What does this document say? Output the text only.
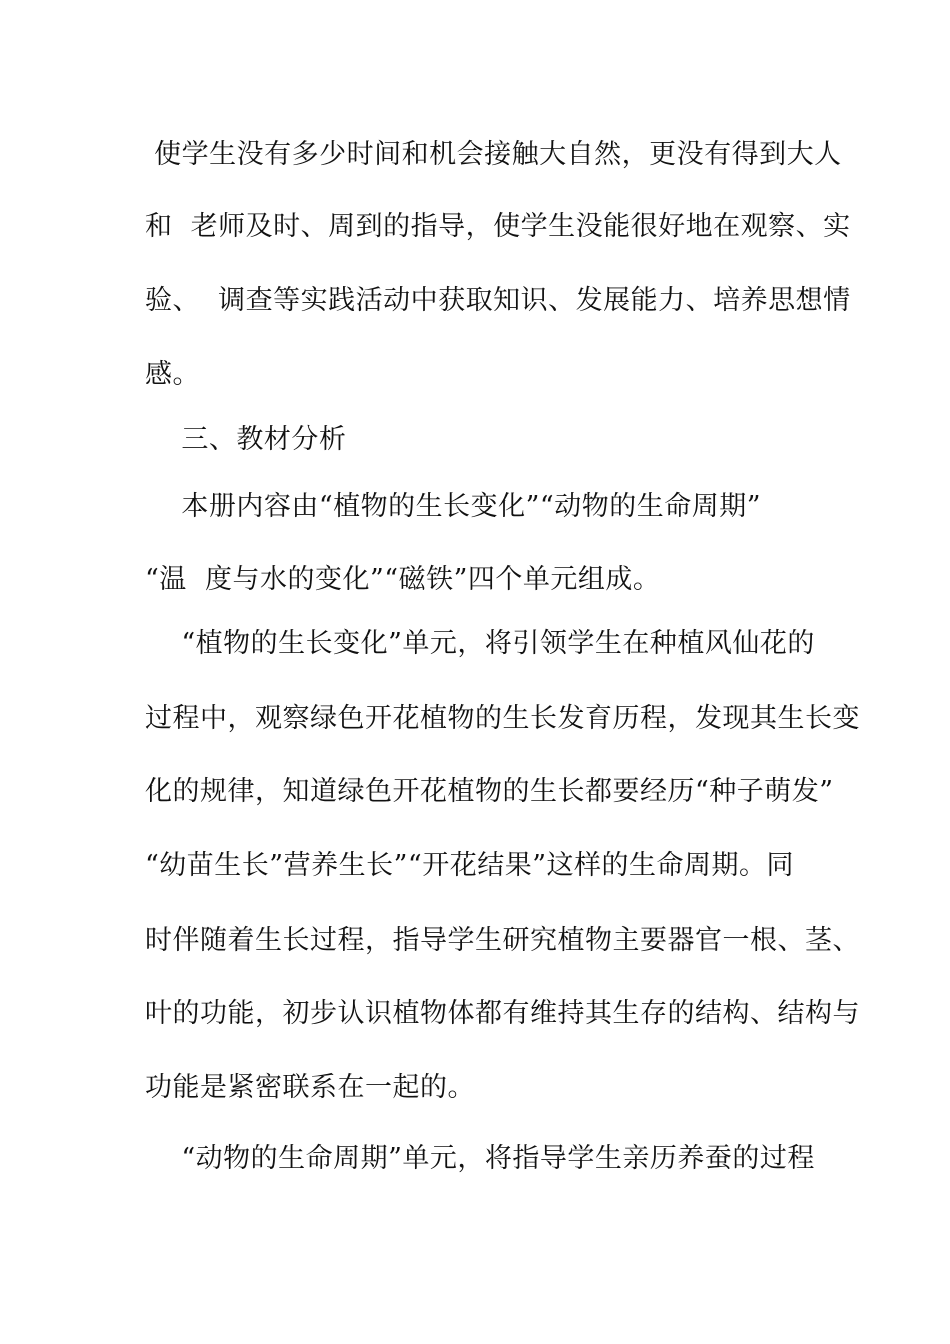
使学生没有多少时间和机会接触大自然，更没有得到大人
和  老师及时、周到的指导，使学生没能很好地在观察、实
验、  调查等实践活动中获取知识、发展能力、培养思想情
感。
三、教材分析
本册内容由“植物的生长变化”“动物的生命周期”
“温  度与水的变化”“磁铁”四个单元组成。
“植物的生长变化”单元，将引领学生在种植风仙花的
过程中，观察绿色开花植物的生长发育历程，发现其生长变
化的规律，知道绿色开花植物的生长都要经历“种子萌发”
“幼苗生长”营养生长”“开花结果”这样的生命周期。同
时伴随着生长过程，指导学生研究植物主要器官一根、茎、
叶的功能，初步认识植物体都有维持其生存的结构、结构与
功能是紧密联系在一起的。
“动物的生命周期”单元，将指导学生亲历养蚕的过程
